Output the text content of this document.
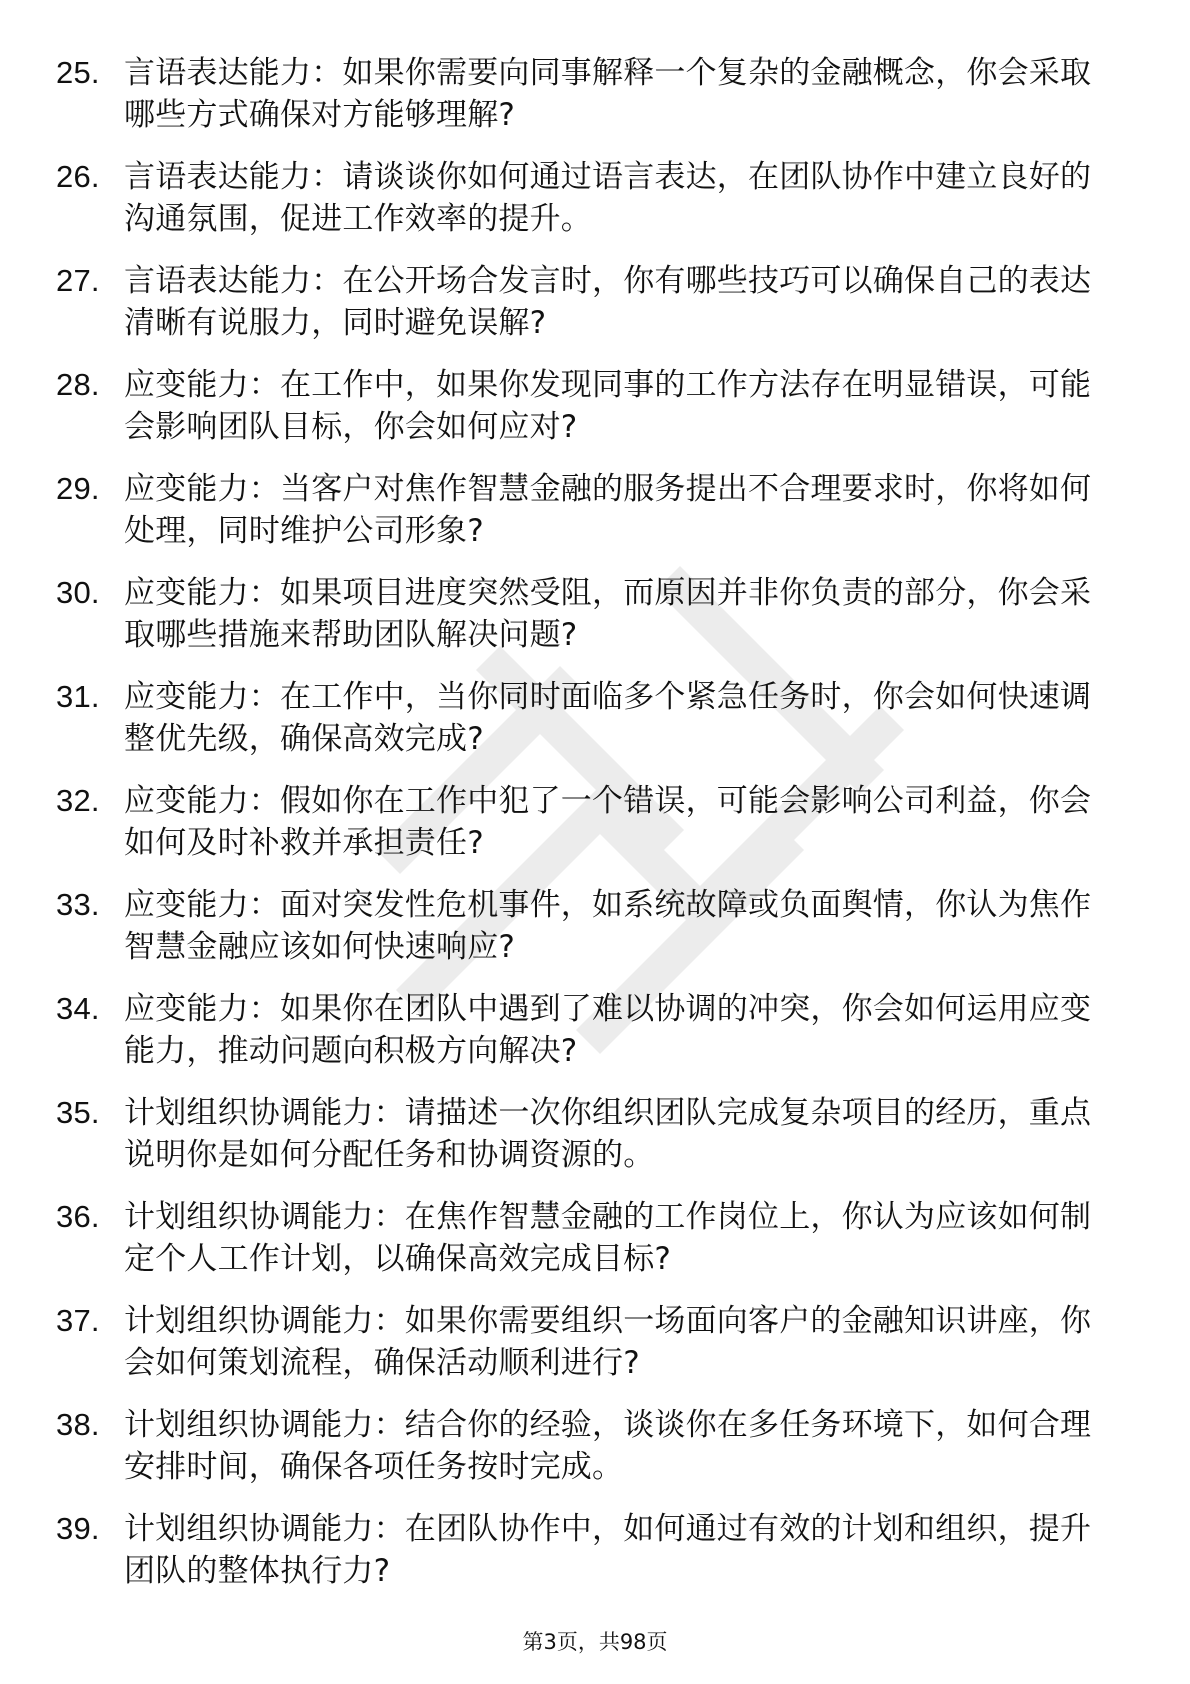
25. 言语表达能力：如果你需要向同事解释一个复杂的金融概念，你会采取哪些方式确保对方能够理解?
26. 言语表达能力：请谈谈你如何通过语言表达，在团队协作中建立良好的沟通氛围，促进工作效率的提升。
27. 言语表达能力：在公开场合发言时，你有哪些技巧可以确保自己的表达清晰有说服力，同时避免误解?
28. 应变能力：在工作中，如果你发现同事的工作方法存在明显错误，可能会影响团队目标，你会如何应对?
29. 应变能力：当客户对焦作智慧金融的服务提出不合理要求时，你将如何处理，同时维护公司形象?
30. 应变能力：如果项目进度突然受阻，而原因并非你负责的部分，你会采取哪些措施来帮助团队解决问题?
31. 应变能力：在工作中，当你同时面临多个紧急任务时，你会如何快速调整优先级，确保高效完成?
32. 应变能力：假如你在工作中犯了一个错误，可能会影响公司利益，你会如何及时补救并承担责任?
33. 应变能力：面对突发性危机事件，如系统故障或负面舆情，你认为焦作智慧金融应该如何快速响应?
34. 应变能力：如果你在团队中遇到了难以协调的冲突，你会如何运用应变能力，推动问题向积极方向解决?
35. 计划组织协调能力：请描述一次你组织团队完成复杂项目的经历，重点说明你是如何分配任务和协调资源的。
36. 计划组织协调能力：在焦作智慧金融的工作岗位上，你认为应该如何制定个人工作计划，以确保高效完成目标?
37. 计划组织协调能力：如果你需要组织一场面向客户的金融知识讲座，你会如何策划流程，确保活动顺利进行?
38. 计划组织协调能力：结合你的经验，谈谈你在多任务环境下，如何合理安排时间，确保各项任务按时完成。
39. 计划组织协调能力：在团队协作中，如何通过有效的计划和组织，提升团队的整体执行力?
第3页，共98页
